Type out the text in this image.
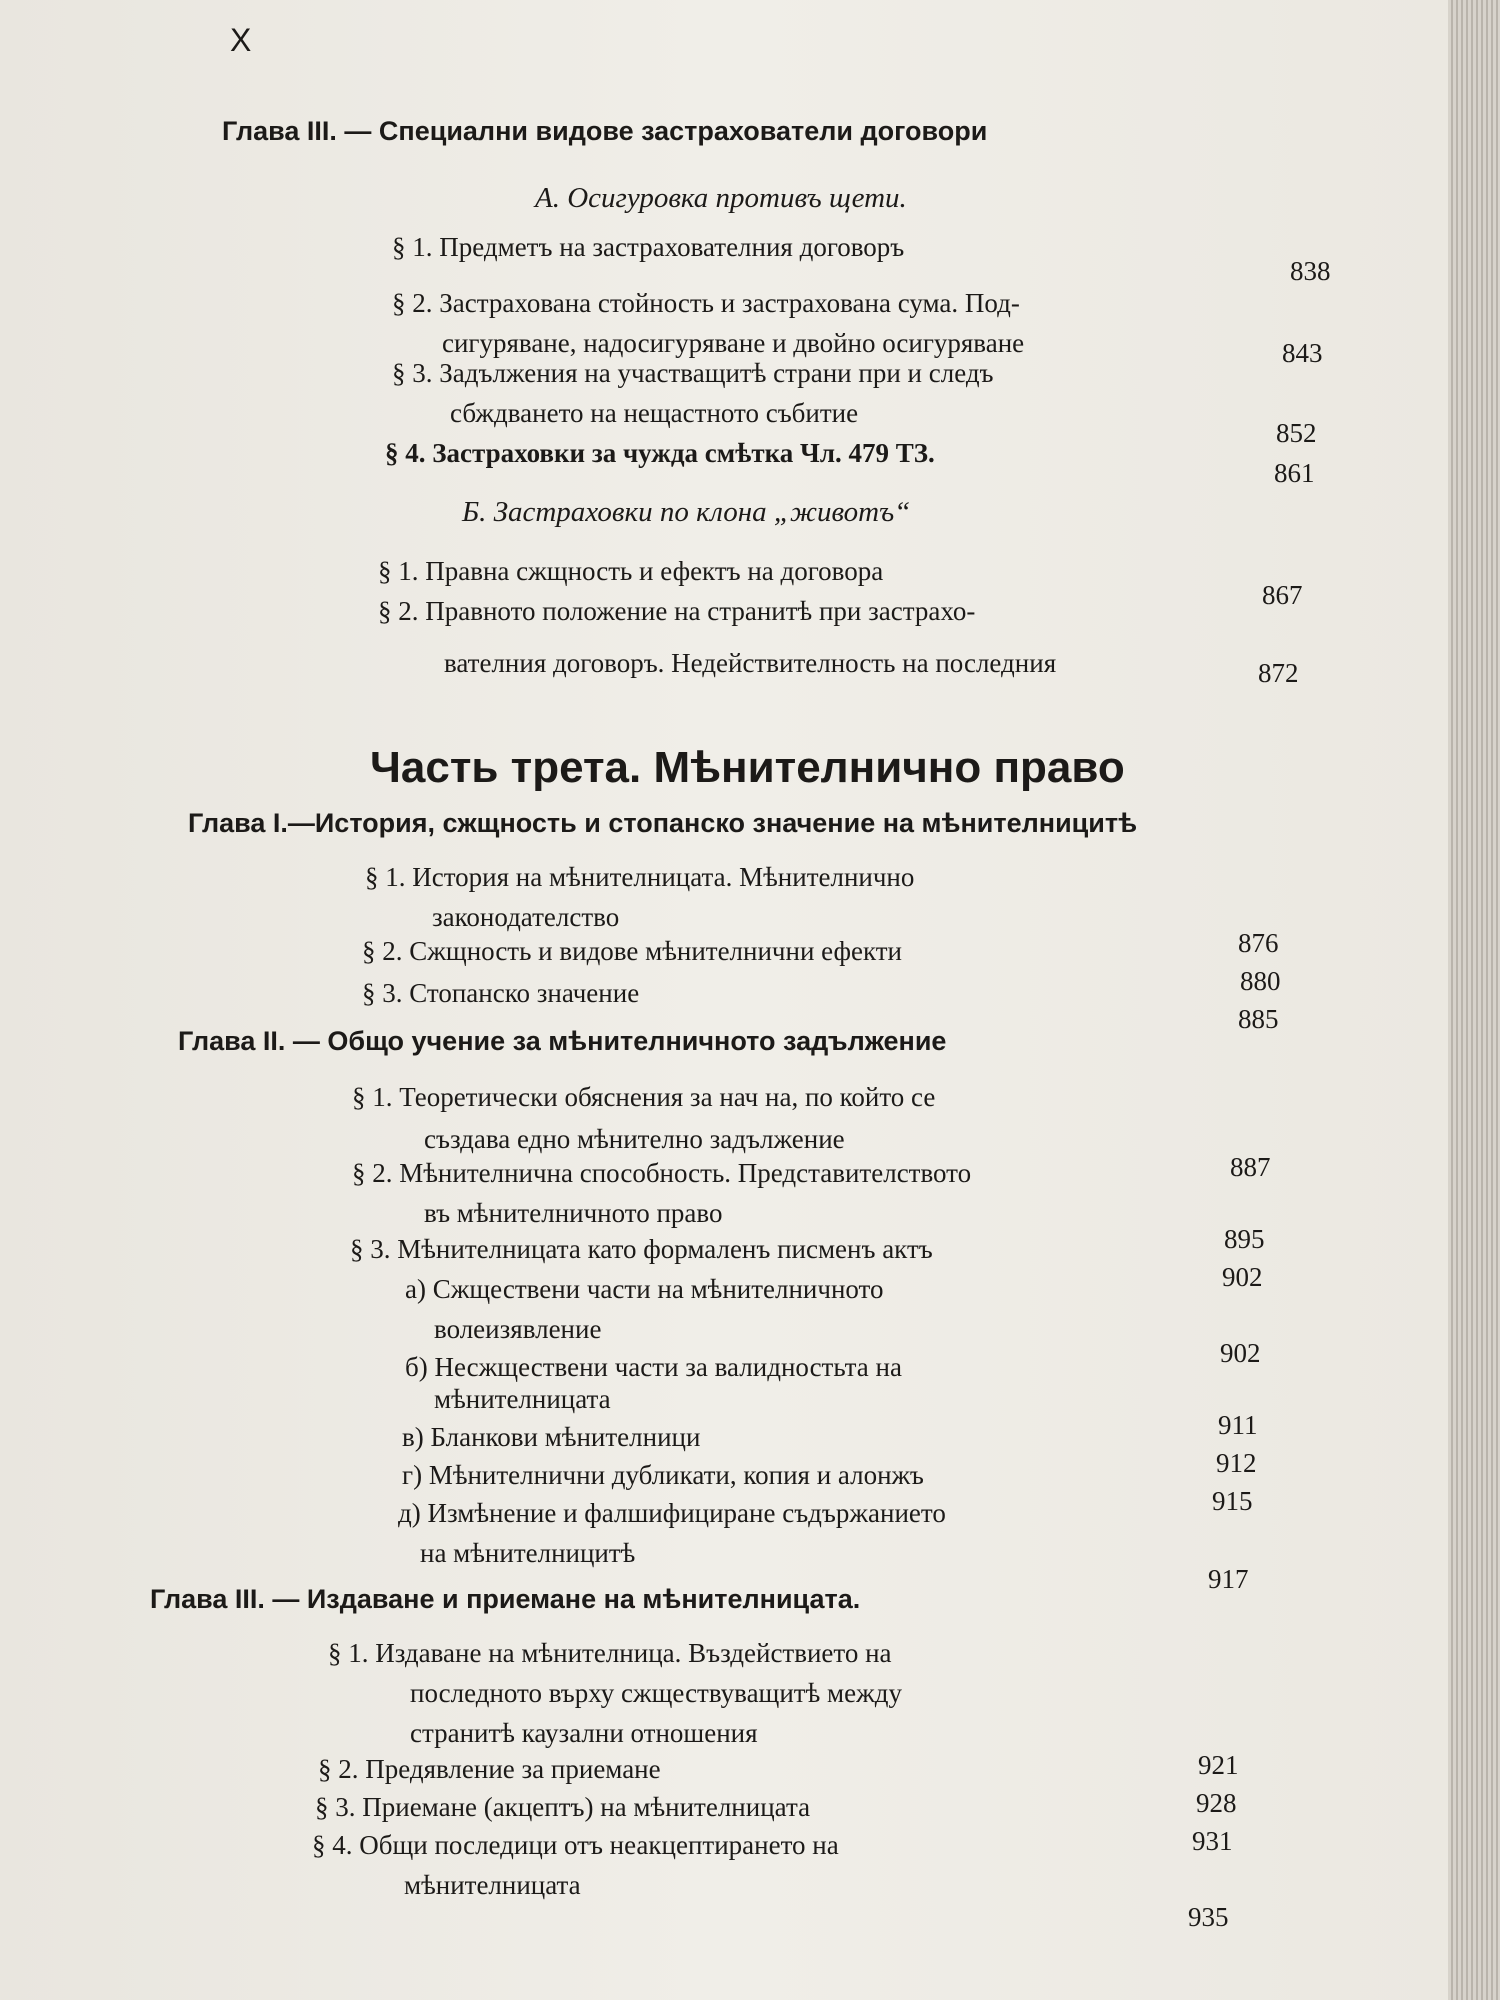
X
Глава III. — Специални видове застрахователи договори
А. Осигуровка противъ щети.
§ 1. Предметъ на застрахователния договоръ
838
§ 2. Застрахована стойность и застрахована сума. Под-
сигуряване, надосигуряване и двойно осигуряване	843
§ 3. Задължения на участващитѣ страни при и следъ
сбждването на нещастното събитие
852
§ 4. Застраховки за чужда смѣтка Чл. 479 ТЗ.
861
Б. Застраховки по клона „животъ“
§ 1. Правна сжщность и ефектъ на договора
867
§ 2. Правното положение на странитѣ при застрахо-
вателния договоръ. Недействителность на последния	872
Часть трета. Мѣнителнично право
Глава I.—История, сжщность и стопанско значение на мѣнителницитѣ
§ 1. История на мѣнителницата. Мѣнителнично
законодателство
876
§ 2. Сжщность и видове мѣнителнични ефекти
880
§ 3. Стопанско значение
885
Глава II. — Общо учение за мѣнителничното задължение
§ 1. Теоретически обяснения за нач на, по който се
създава едно мѣнително задължение
887
§ 2. Мѣнителнична способность. Представителството
въ мѣнителничното право
895
§ 3. Мѣнителницата като формаленъ писменъ актъ
902
а) Сжществени части на мѣнителничното
волеизявление
902
б) Несжществени части за валидностьта на
мѣнителницата
911
в) Бланкови мѣнителници
912
г) Мѣнителнични дубликати, копия и алонжъ
915
д) Измѣнение и фалшифициране съдържанието
на мѣнителницитѣ
917
Глава III. — Издаване и приемане на мѣнителницата.
§ 1. Издаване на мѣнителница. Въздействието на
последното върху сжществуващитѣ между
странитѣ каузални отношения
921
§ 2. Предявление за приемане
928
§ 3. Приемане (акцептъ) на мѣнителницата
931
§ 4. Общи последици отъ неакцептирането на
мѣнителницата
935
